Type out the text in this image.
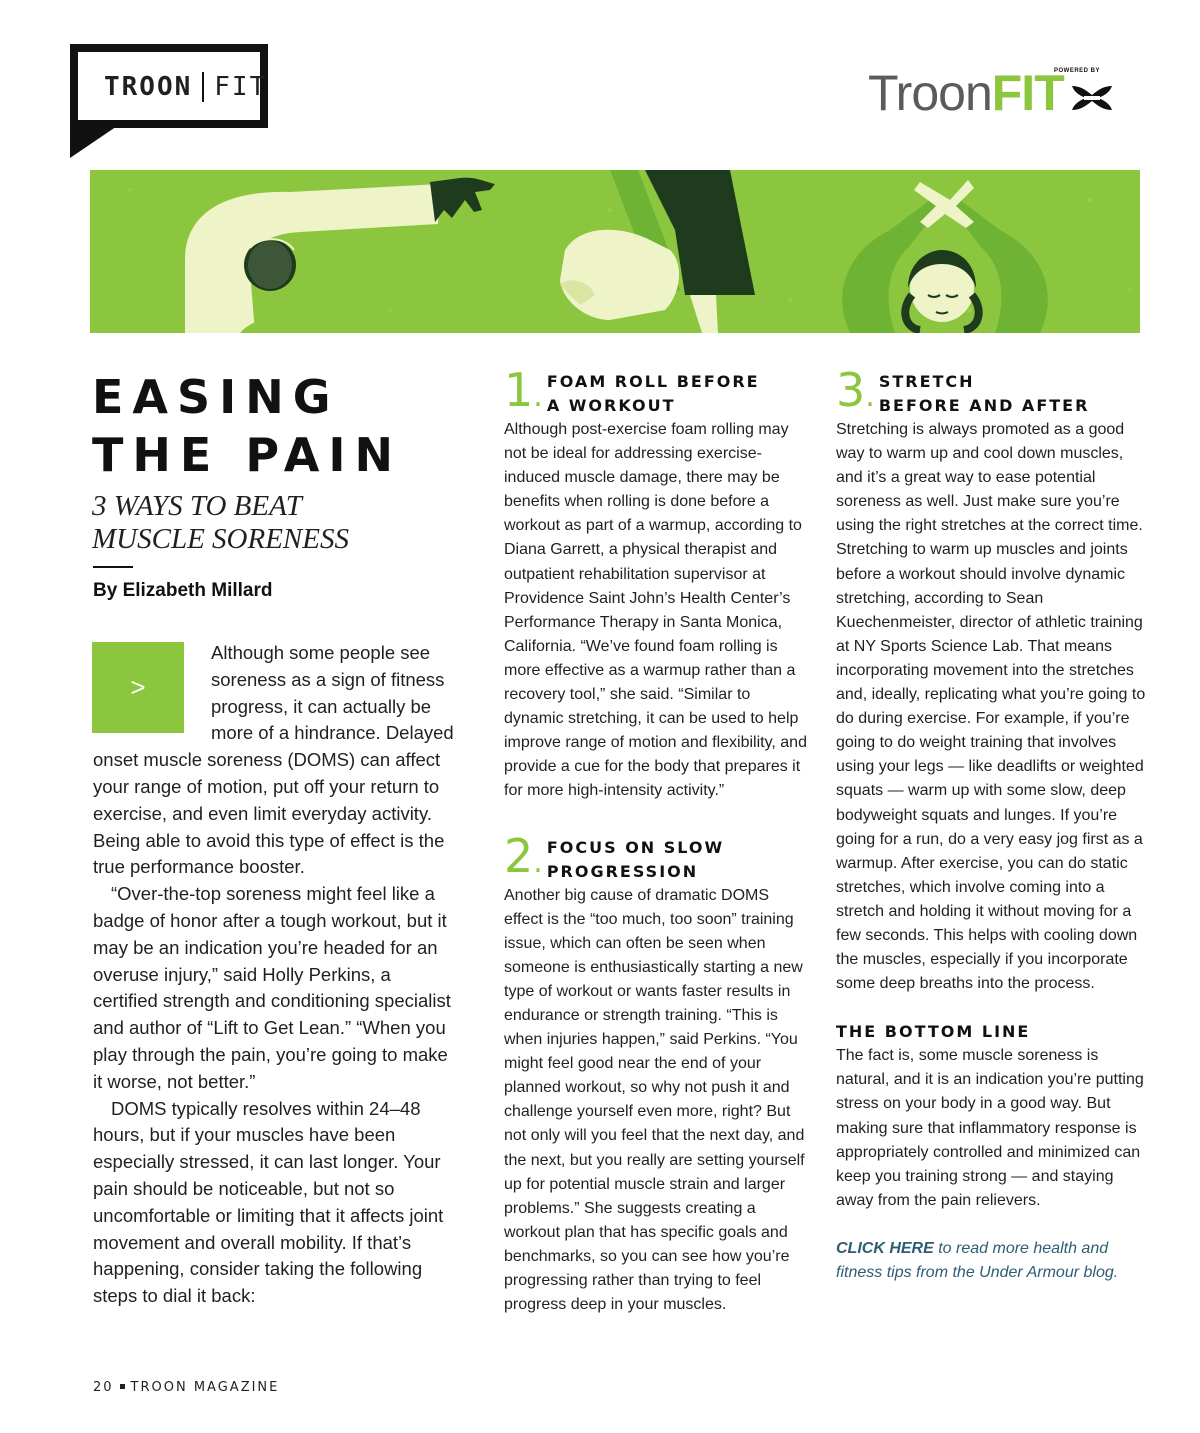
TROON FIT	Troon FIT
POWERED BY
EASING
THE PAIN
3 WAYS TO BEAT
MUSCLE SORENESS
By Elizabeth Millard
>

Although some people see soreness as a sign of fitness progress, it can actually be more of a hindrance. Delayed onset muscle soreness (DOMS) can affect your range of motion, put off your return to exercise, and even limit everyday activity. Being able to avoid this type of effect is the true performance booster.

“Over-the-top soreness might feel like a badge of honor after a tough workout, but it may be an indication you’re headed for an overuse injury,” said Holly Perkins, a certified strength and conditioning specialist and author of “Lift to Get Lean.” “When you play through the pain, you’re going to make it worse, not better.”

DOMS typically resolves within 24–48 hours, but if your muscles have been especially stressed, it can last longer. Your pain should be noticeable, but not so uncomfortable or limiting that it affects joint movement and overall mobility. If that’s happening, consider taking the following steps to dial it back:

1. FOAM ROLL BEFORE
A WORKOUT

Although post-exercise foam rolling may not be ideal for addressing exercise-induced muscle damage, there may be benefits when rolling is done before a workout as part of a warmup, according to Diana Garrett, a physical therapist and outpatient rehabilitation supervisor at Providence Saint John’s Health Center’s Performance Therapy in Santa Monica, California. “We’ve found foam rolling is more effective as a warmup rather than a recovery tool,” she said. “Similar to dynamic stretching, it can be used to help improve range of motion and flexibility, and provide a cue for the body that prepares it for more high-intensity activity.”

2. FOCUS ON SLOW
PROGRESSION

Another big cause of dramatic DOMS effect is the “too much, too soon” training issue, which can often be seen when someone is enthusiastically starting a new type of workout or wants faster results in endurance or strength training. “This is when injuries happen,” said Perkins. “You might feel good near the end of your planned workout, so why not push it and challenge yourself even more, right? But not only will you feel that the next day, and the next, but you really are setting yourself up for potential muscle strain and larger problems.” She suggests creating a workout plan that has specific goals and benchmarks, so you can see how you’re progressing rather than trying to feel progress deep in your muscles.

3. STRETCH
BEFORE AND AFTER

Stretching is always promoted as a good way to warm up and cool down muscles, and it’s a great way to ease potential soreness as well. Just make sure you’re using the right stretches at the correct time. Stretching to warm up muscles and joints before a workout should involve dynamic stretching, according to Sean Kuechenmeister, director of athletic training at NY Sports Science Lab. That means incorporating movement into the stretches and, ideally, replicating what you’re going to do during exercise. For example, if you’re going to do weight training that involves using your legs — like deadlifts or weighted squats — warm up with some slow, deep bodyweight squats and lunges. If you’re going for a run, do a very easy jog first as a warmup. After exercise, you can do static stretches, which involve coming into a stretch and holding it without moving for a few seconds. This helps with cooling down the muscles, especially if you incorporate some deep breaths into the process.

THE BOTTOM LINE

The fact is, some muscle soreness is natural, and it is an indication you’re putting stress on your body in a good way. But making sure that inflammatory response is appropriately controlled and minimized can keep you training strong — and staying away from the pain relievers.

CLICK HERE to read more health and fitness tips from the Under Armour blog.

20 TROON MAGAZINE
